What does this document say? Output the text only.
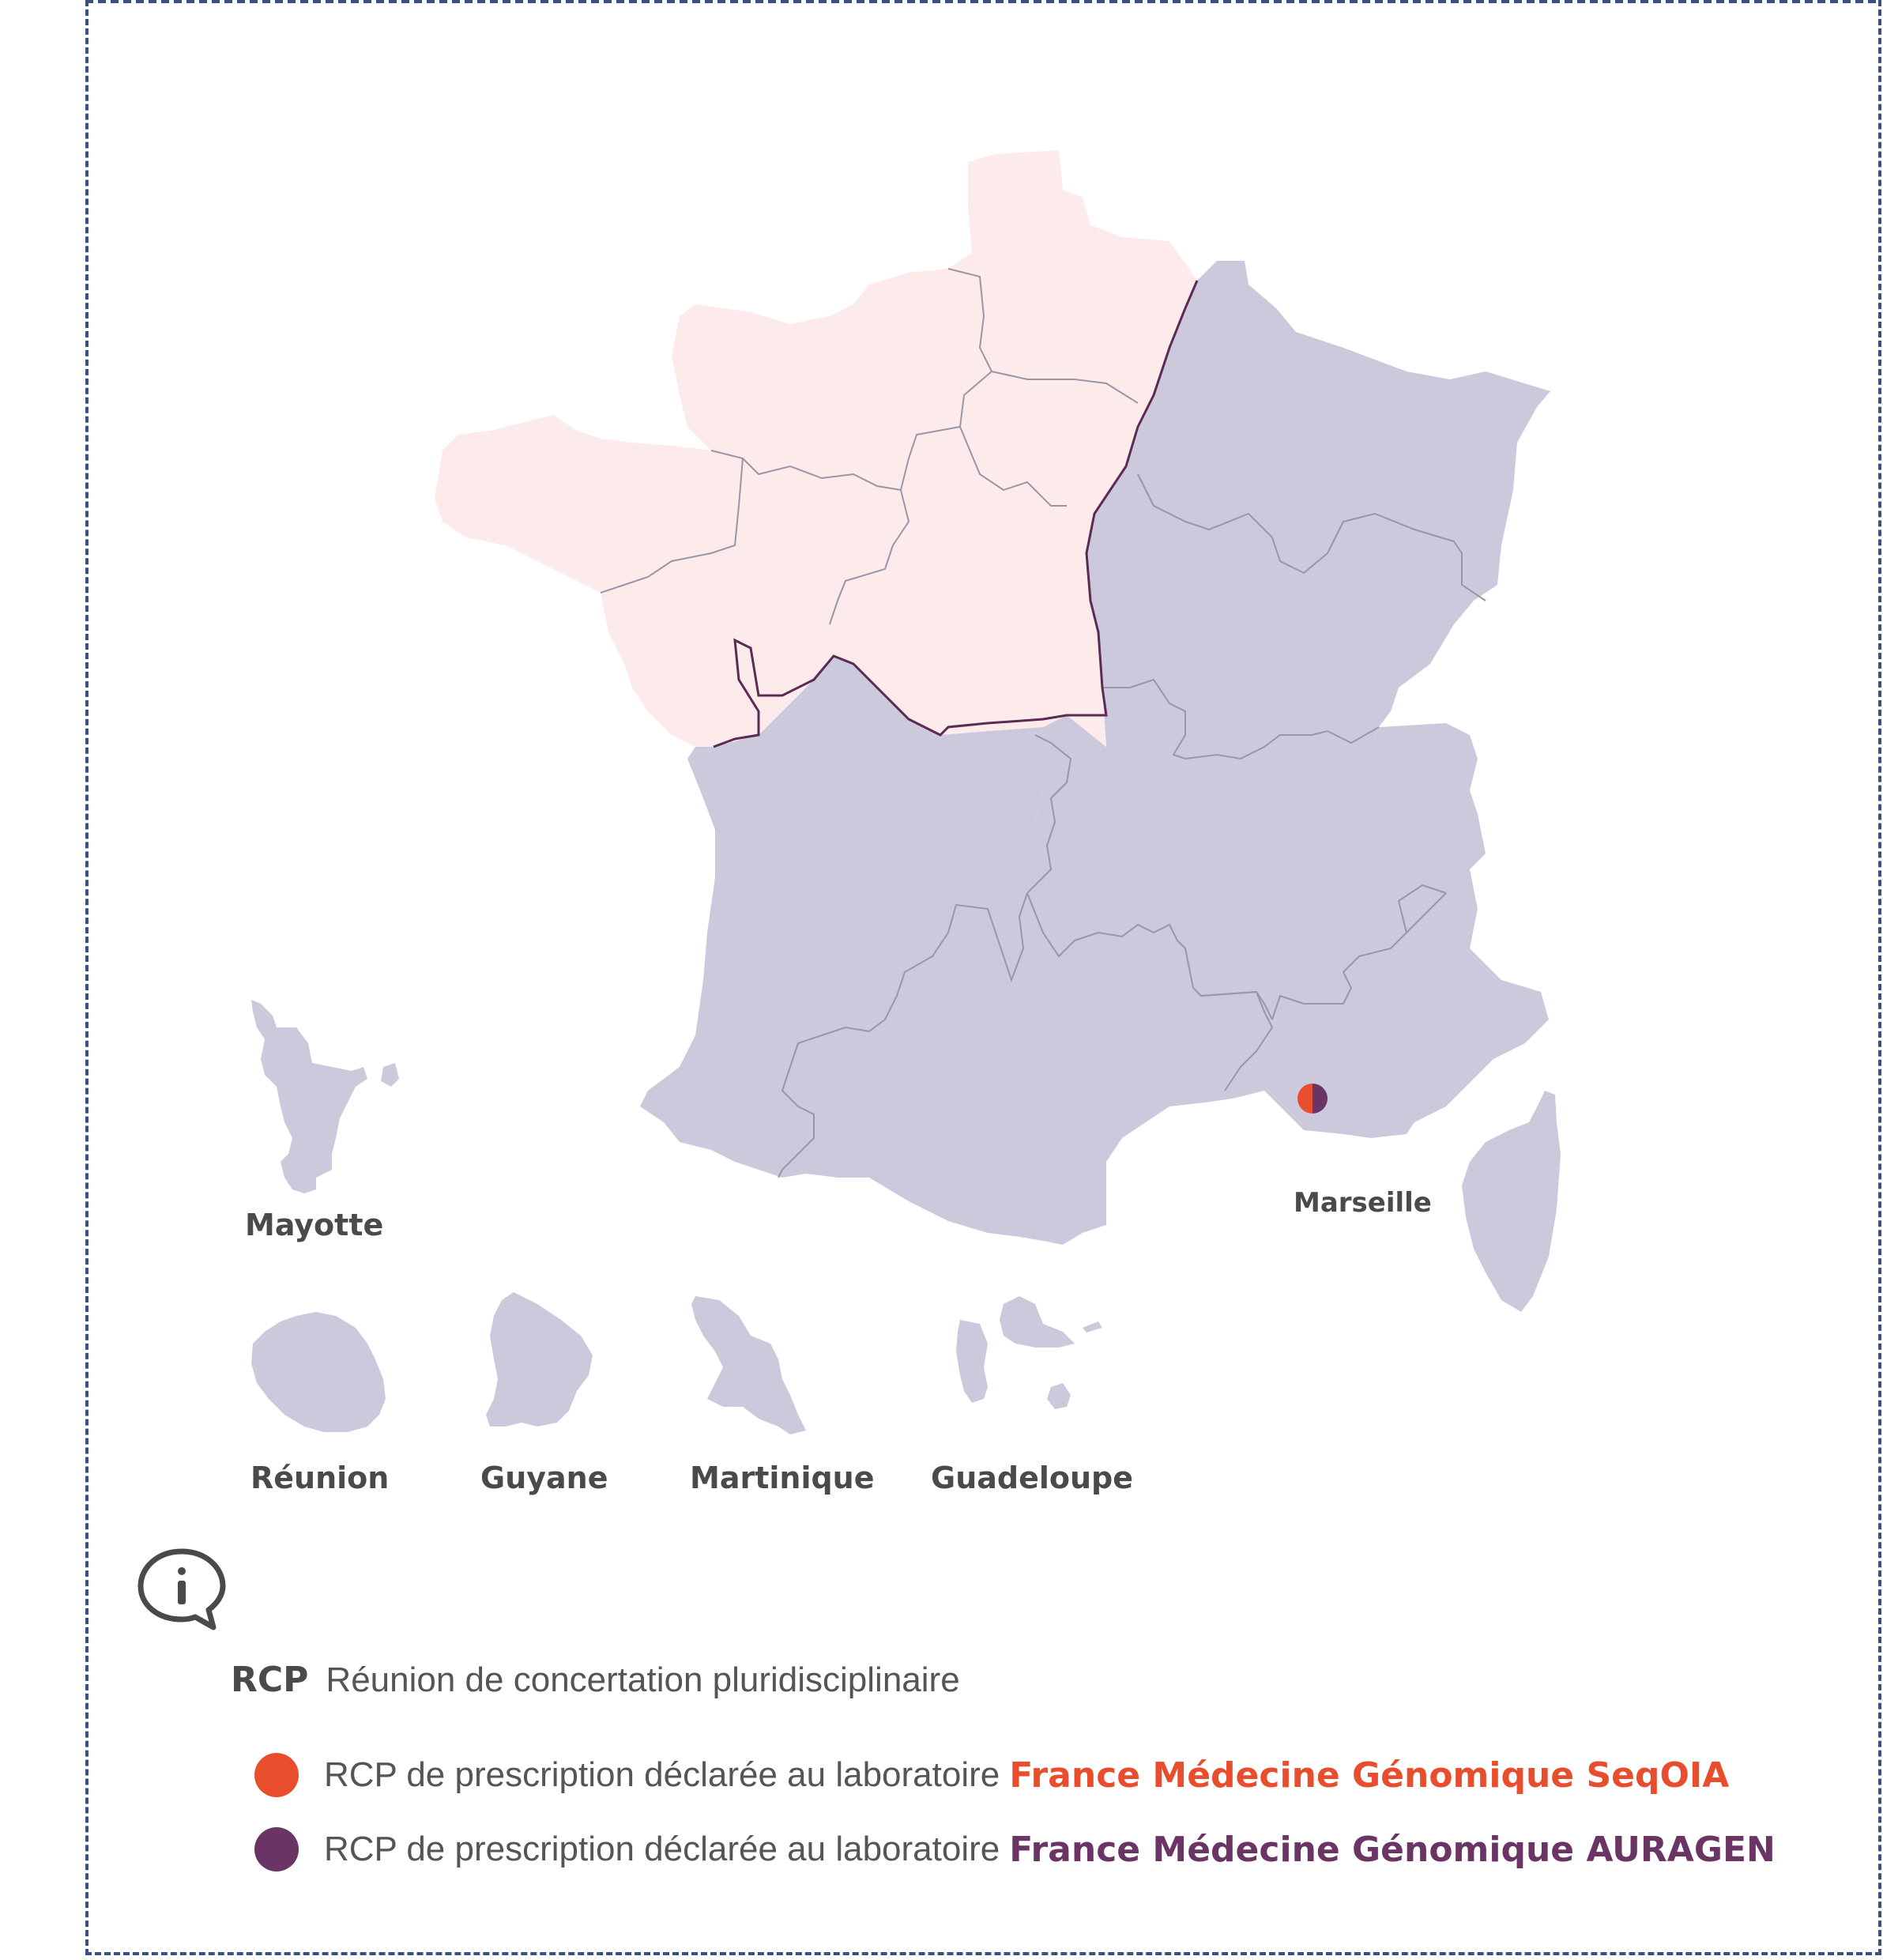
Marseille
Mayotte
Réunion	Guyane	Martinique Guadeloupe
RCP Réunion de concertation pluridisciplinaire
RCP de prescription déclarée au laboratoire France Médecine Génomique SeqOIA
RCP de prescription déclarée au laboratoire France Médecine Génomique AURAGEN
